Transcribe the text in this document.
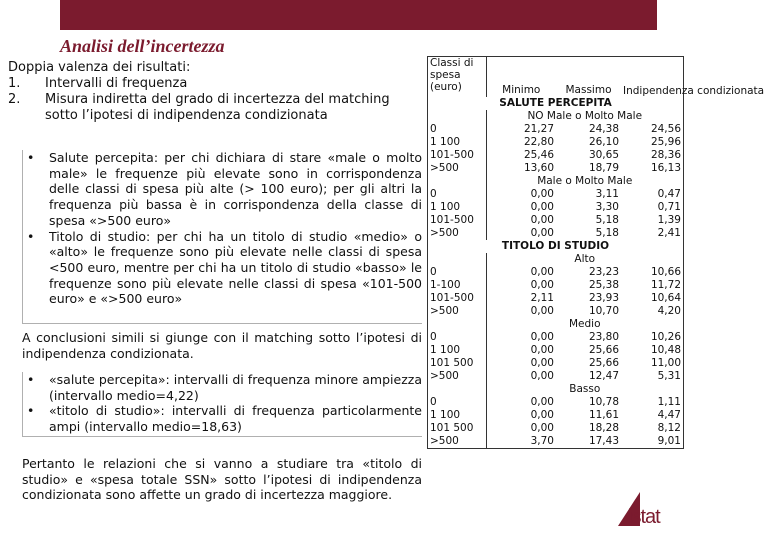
Analisi dell’incertezza
Doppia valenza dei risultati:
1.	Intervalli di frequenza
2.	Misura indiretta del grado di incertezza del matching sotto l’ipotesi di indipendenza condizionata
• Salute percepita: per chi dichiara di stare «male o molto male» le frequenze più elevate sono in corrispondenza delle classi di spesa più alte (> 100 euro); per gli altri la frequenza più bassa è in corrispondenza della classe di spesa «>500 euro»
• Titolo di studio: per chi ha un titolo di studio «medio» o «alto» le frequenze sono più elevate nelle classi di spesa <500 euro, mentre per chi ha un titolo di studio «basso» le frequenze sono più elevate nelle classi di spesa «101-500 euro» e «>500 euro»
A conclusioni simili si giunge con il matching sotto l’ipotesi di indipendenza condizionata.
• «salute percepita»: intervalli di frequenza minore ampiezza (intervallo medio=4,22)
• «titolo di studio»: intervalli di frequenza particolarmente ampi (intervallo medio=18,63)
Pertanto le relazioni che si vanno a studiare tra «titolo di studio» e «spesa totale SSN» sotto l’ipotesi di indipendenza condizionata sono affette un grado di incertezza maggiore.
Classi di spesa (euro)	Minimo	Massimo	Indipendenza condizionata
SALUTE PERCEPITA			
	NO Male o Molto Male		
0	21,27	24,38	24,56
1 100	22,80	26,10	25,96
101-500	25,46	30,65	28,36
>500	13,60	18,79	16,13
	Male o Molto Male		
0	0,00	3,11	0,47
1 100	0,00	3,30	0,71
101-500	0,00	5,18	1,39
>500	0,00	5,18	2,41
TITOLO DI STUDIO			
	Alto		
0	0,00	23,23	10,66
1-100	0,00	25,38	11,72
101-500	2,11	23,93	10,64
>500	0,00	10,70	4,20
	Medio		
0	0,00	23,80	10,26
1 100	0,00	25,66	10,48
101 500	0,00	25,66	11,00
>500	0,00	12,47	5,31
	Basso		
0	0,00	10,78	1,11
1 100	0,00	11,61	4,47
101 500	0,00	18,28	8,12
>500	3,70	17,43	9,01
istat
